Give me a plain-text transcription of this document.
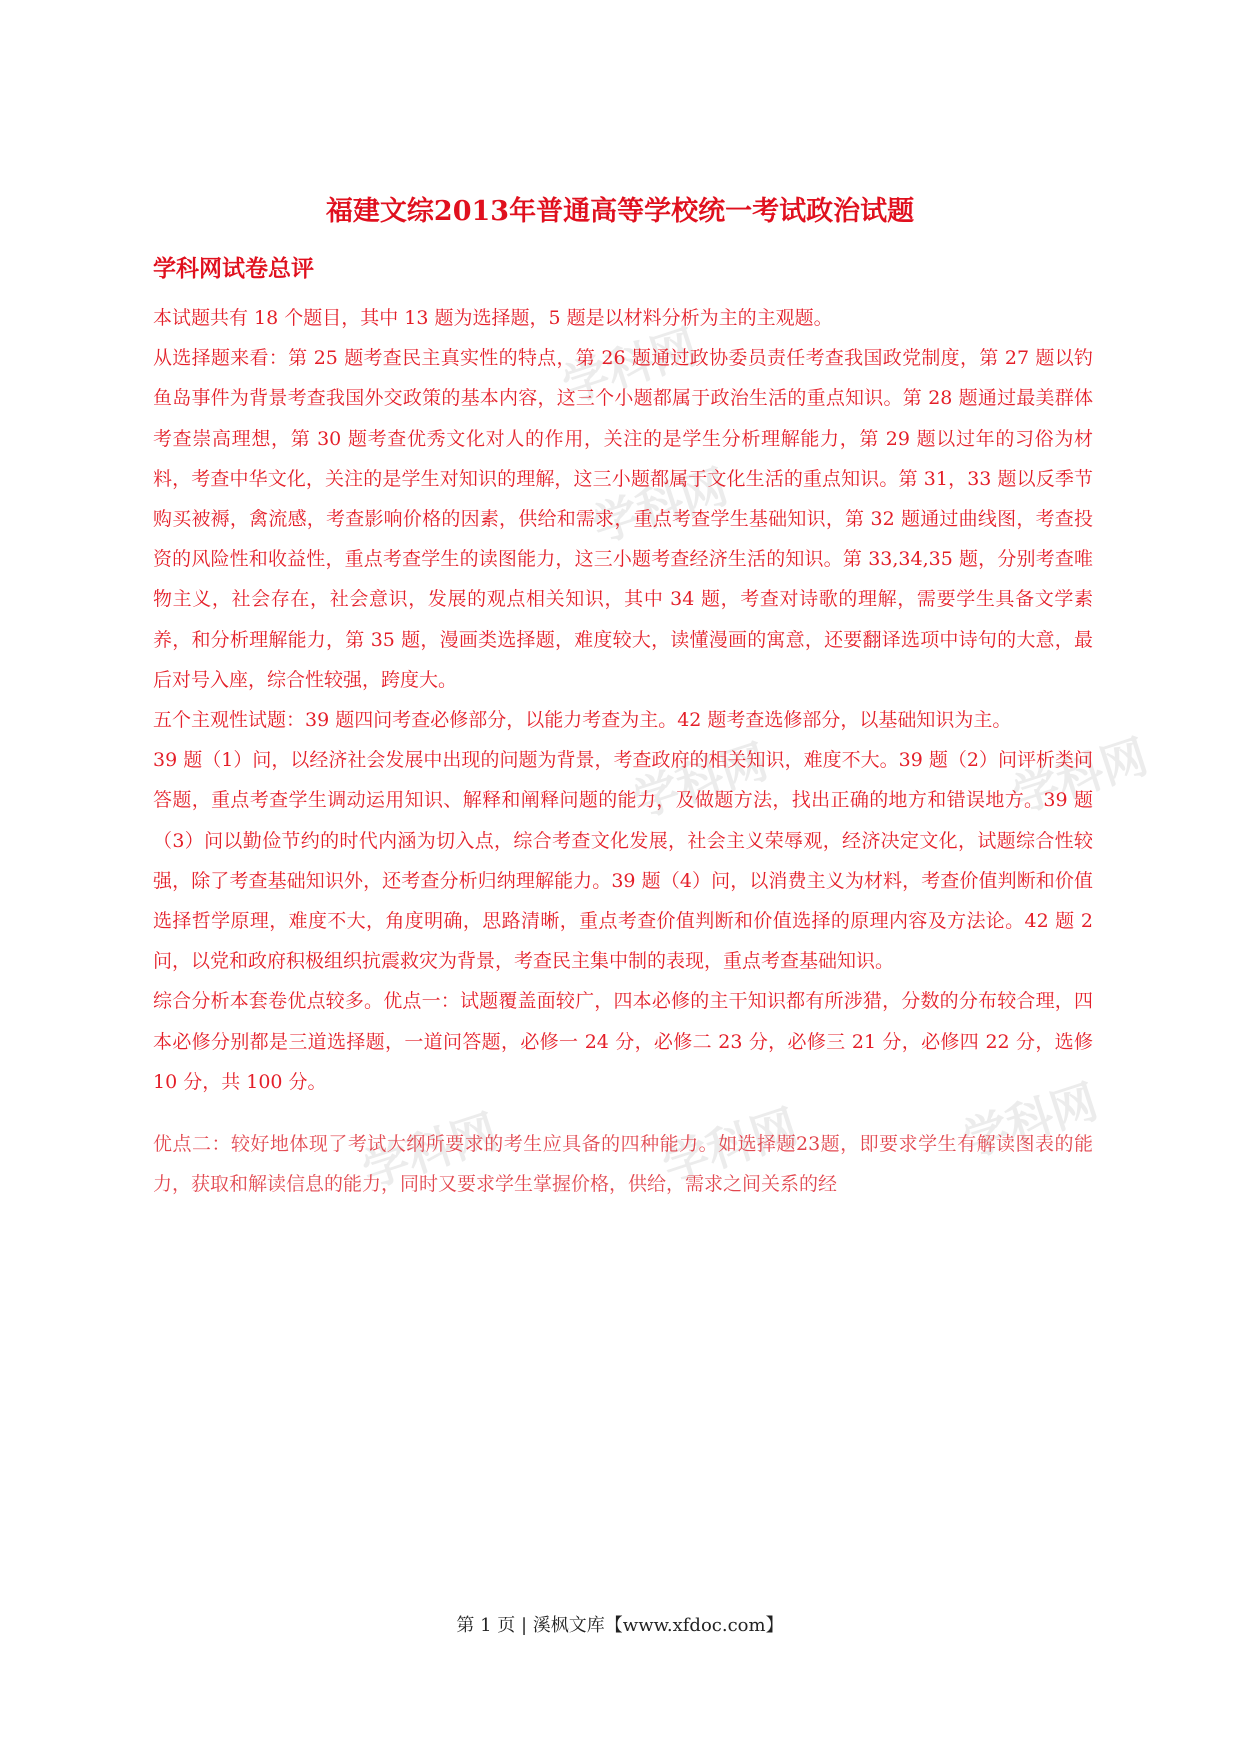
学科网
学科网
学科网	学科网
学科网	学科网	学科网
福建文综2013年普通高等学校统一考试政治试题
学科网试卷总评

本试题共有 18 个题目，其中 13 题为选择题，5 题是以材料分析为主的主观题。

从选择题来看：第 25 题考查民主真实性的特点，第 26 题通过政协委员责任考查我国政党制度，第 27 题以钓鱼岛事件为背景考查我国外交政策的基本内容，这三个小题都属于政治生活的重点知识。第 28 题通过最美群体考查崇高理想，第 30 题考查优秀文化对人的作用，关注的是学生分析理解能力，第 29 题以过年的习俗为材料，考查中华文化，关注的是学生对知识的理解，这三小题都属于文化生活的重点知识。第 31，33 题以反季节购买被褥，禽流感，考查影响价格的因素，供给和需求，重点考查学生基础知识，第 32 题通过曲线图，考查投资的风险性和收益性，重点考查学生的读图能力，这三小题考查经济生活的知识。第 33,34,35 题，分别考查唯物主义，社会存在，社会意识，发展的观点相关知识，其中 34 题，考查对诗歌的理解，需要学生具备文学素养，和分析理解能力，第 35 题，漫画类选择题，难度较大，读懂漫画的寓意，还要翻译选项中诗句的大意，最后对号入座，综合性较强，跨度大。

五个主观性试题：39 题四问考查必修部分，以能力考查为主。42 题考查选修部分，以基础知识为主。

39 题（1）问，以经济社会发展中出现的问题为背景，考查政府的相关知识，难度不大。39 题（2）问评析类问答题，重点考查学生调动运用知识、解释和阐释问题的能力，及做题方法，找出正确的地方和错误地方。39 题（3）问以勤俭节约的时代内涵为切入点，综合考查文化发展，社会主义荣辱观，经济决定文化，试题综合性较强，除了考查基础知识外，还考查分析归纳理解能力。39 题（4）问，以消费主义为材料，考查价值判断和价值选择哲学原理，难度不大，角度明确，思路清晰，重点考查价值判断和价值选择的原理内容及方法论。42 题 2 问，以党和政府积极组织抗震救灾为背景，考查民主集中制的表现，重点考查基础知识。

综合分析本套卷优点较多。优点一：试题覆盖面较广，四本必修的主干知识都有所涉猎，分数的分布较合理，四本必修分别都是三道选择题，一道问答题，必修一 24 分，必修二 23 分，必修三 21 分，必修四 22 分，选修 10 分，共 100 分。

优点二：较好地体现了考试大纲所要求的考生应具备的四种能力。如选择题23题，即要求学生有解读图表的能力，获取和解读信息的能力，同时又要求学生掌握价格，供给，需求之间关系的经

第 1 页 | 溪枫文库【www.xfdoc.com】
